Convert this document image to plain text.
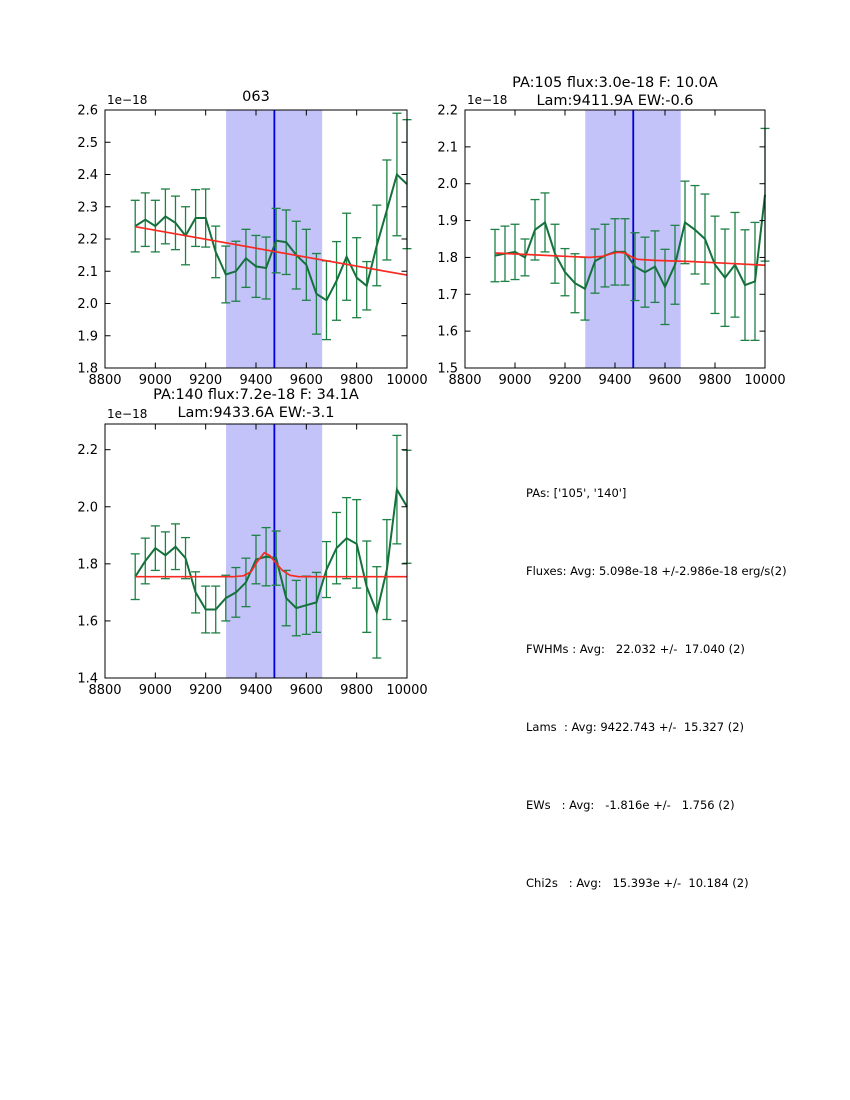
8800 9000 9200 9400 9600 9800 10000
1.8
1.9
2.0
2.1
2.2
2.3
2.4
2.5
2.6
1e−18	063
8800 9000 9200 9400 9600 9800 10000
1.5
1.6
1.7
1.8
1.9
2.0
2.1
2.2
1e−18
PA:105 flux:3.0e-18 F: 10.0A
Lam:9411.9A EW:-0.6
8800 9000 9200 9400 9600 9800 10000
1.4
1.6
1.8
2.0
2.2
1e−18
PA:140 flux:7.2e-18 F: 34.1A
Lam:9433.6A EW:-3.1

PAs: ['105', '140']

Fluxes: Avg: 5.098e-18 +/-2.986e-18 erg/s(2)

FWHMs : Avg:   22.032 +/-  17.040 (2)

Lams  : Avg: 9422.743 +/-  15.327 (2)

EWs   : Avg:   -1.816e +/-   1.756 (2)

Chi2s   : Avg:   15.393e +/-  10.184 (2)
